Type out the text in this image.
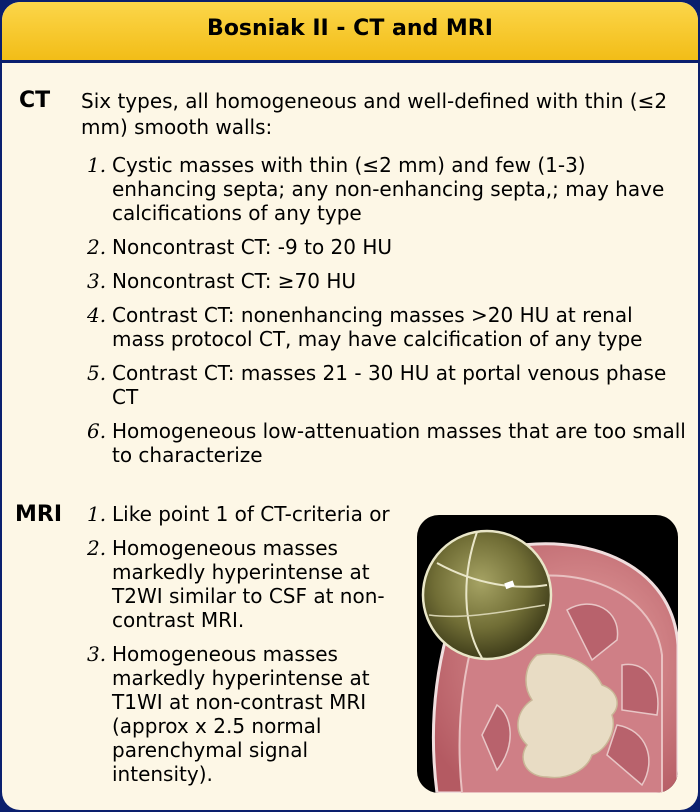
Bosniak II - CT and MRI
CT Six types, all homogeneous and well-defined with thin (≤2 mm) smooth walls:
1. Cystic masses with thin (≤2 mm) and few (1-3) enhancing septa; any non-enhancing septa,; may have calcifications of any type
2. Noncontrast CT: -9 to 20 HU
3. Noncontrast CT: ≥70 HU
4. Contrast CT: nonenhancing masses >20 HU at renal mass protocol CT, may have calcification of any type
5. Contrast CT: masses 21 - 30 HU at portal venous phase CT
6. Homogeneous low-attenuation masses that are too small to characterize
MRI 1. Like point 1 of CT-criteria or
2. Homogeneous masses markedly hyperintense at T2WI similar to CSF at non-contrast MRI.
3. Homogeneous masses markedly hyperintense at T1WI at non-contrast MRI (approx x 2.5 normal parenchymal signal intensity).
